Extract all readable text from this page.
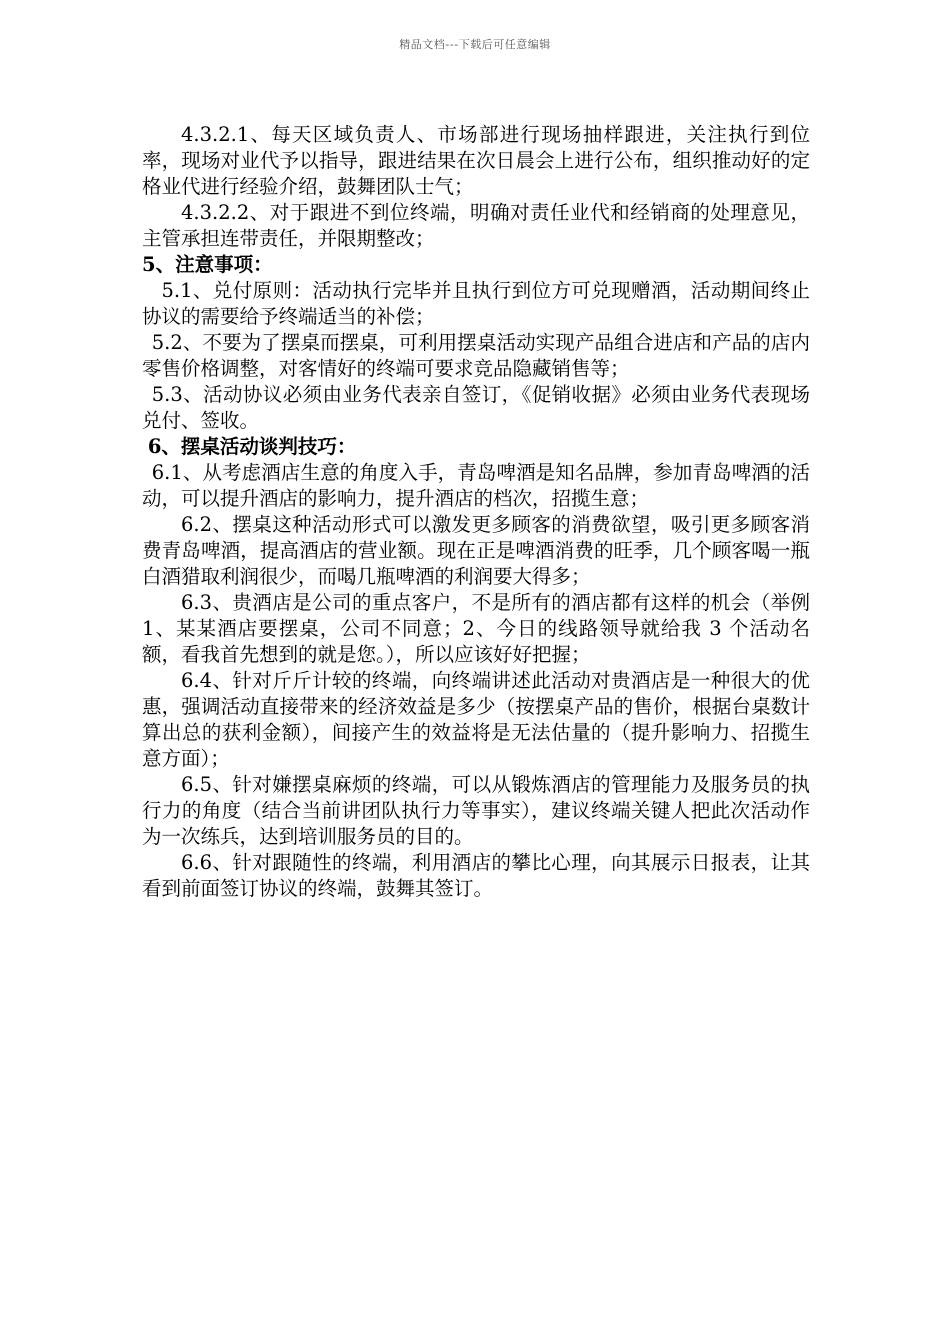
精品文档---下载后可任意编辑

4.3.2.1、每天区域负责人、市场部进行现场抽样跟进，关注执行到位率，现场对业代予以指导，跟进结果在次日晨会上进行公布，组织推动好的定格业代进行经验介绍，鼓舞团队士气；

4.3.2.2、对于跟进不到位终端，明确对责任业代和经销商的处理意见，主管承担连带责任，并限期整改；

5、注意事项：

5.1、兑付原则：活动执行完毕并且执行到位方可兑现赠酒，活动期间终止协议的需要给予终端适当的补偿；

5.2、不要为了摆桌而摆桌，可利用摆桌活动实现产品组合进店和产品的店内零售价格调整，对客情好的终端可要求竞品隐藏销售等；

5.3、活动协议必须由业务代表亲自签订，《促销收据》必须由业务代表现场兑付、签收。

6、摆桌活动谈判技巧：

6.1、从考虑酒店生意的角度入手，青岛啤酒是知名品牌，参加青岛啤酒的活动，可以提升酒店的影响力，提升酒店的档次，招揽生意；

6.2、摆桌这种活动形式可以激发更多顾客的消费欲望，吸引更多顾客消费青岛啤酒，提高酒店的营业额。现在正是啤酒消费的旺季，几个顾客喝一瓶白酒猎取利润很少，而喝几瓶啤酒的利润要大得多；

6.3、贵酒店是公司的重点客户，不是所有的酒店都有这样的机会（举例 1、某某酒店要摆桌，公司不同意；2、今日的线路领导就给我 3 个活动名额，看我首先想到的就是您。），所以应该好好把握；

6.4、针对斤斤计较的终端，向终端讲述此活动对贵酒店是一种很大的优惠，强调活动直接带来的经济效益是多少（按摆桌产品的售价，根据台桌数计算出总的获利金额），间接产生的效益将是无法估量的（提升影响力、招揽生意方面）；

6.5、针对嫌摆桌麻烦的终端，可以从锻炼酒店的管理能力及服务员的执行力的角度（结合当前讲团队执行力等事实），建议终端关键人把此次活动作为一次练兵，达到培训服务员的目的。

6.6、针对跟随性的终端，利用酒店的攀比心理，向其展示日报表，让其看到前面签订协议的终端，鼓舞其签订。
